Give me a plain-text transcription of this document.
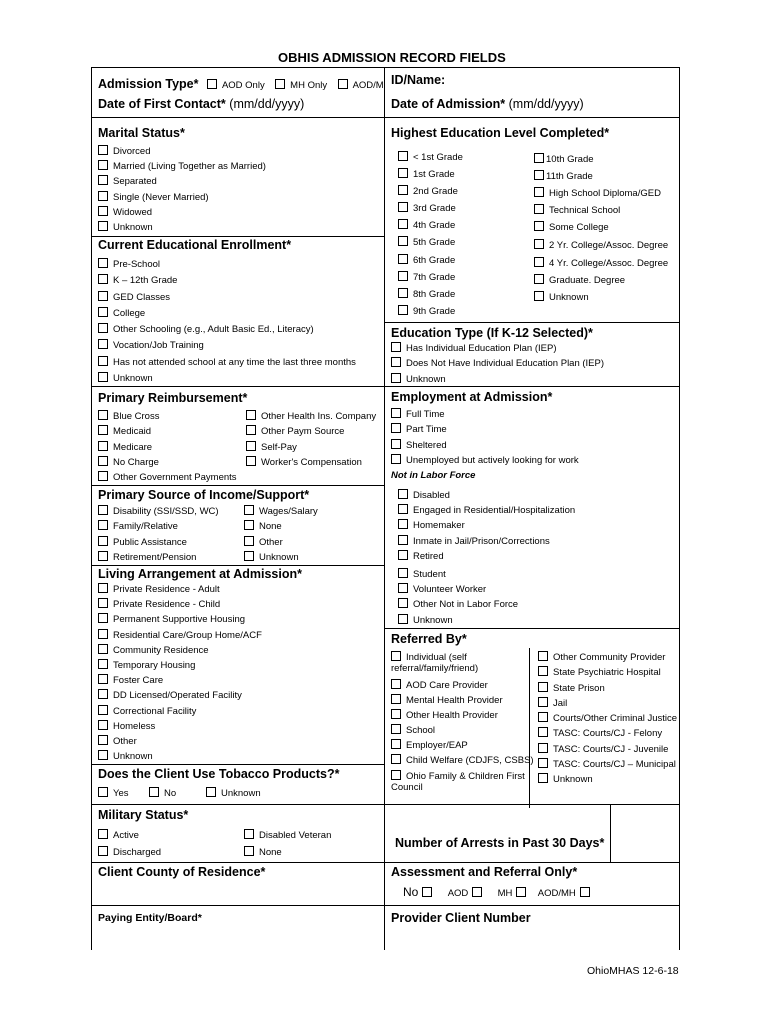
OBHIS ADMISSION RECORD FIELDS
Admission Type* AOD Only	MH Only	AOD/M ID/Name:
Date of First Contact* (mm/dd/yyyy)	Date of Admission* (mm/dd/yyyy)
Marital Status*
Divorced
Married (Living Together as Married)
Separated
Single (Never Married)
Widowed
Unknown
Current Educational Enrollment*
Pre-School
K – 12th Grade
GED Classes
College
Other Schooling (e.g., Adult Basic Ed., Literacy)
Vocation/Job Training
Has not attended school at any time the last three months
Unknown
Primary Reimbursement*
Blue Cross
Medicaid
Medicare
No Charge
Other Government Payments
Other Health Ins. Company
Other Paym Source
Self-Pay
Worker's Compensation
Primary Source of Income/Support*
Disability (SSI/SSD, WC)
Family/Relative
Public Assistance
Retirement/Pension
Wages/Salary
None
Other
Unknown
Living Arrangement at Admission*
Private Residence - Adult
Private Residence - Child
Permanent Supportive Housing
Residential Care/Group Home/ACF
Community Residence
Temporary Housing
Foster Care
DD Licensed/Operated Facility
Correctional Facility
Homeless
Other
Unknown
Does the Client Use Tobacco Products?*
Yes	No	Unknown
Military Status*
Active
Discharged
Disabled Veteran
None
Client County of Residence*
Paying Entity/Board*
Highest Education Level Completed*
< 1st Grade
1st Grade
2nd Grade
3rd Grade
4th Grade
5th Grade
6th Grade
7th Grade
8th Grade
9th Grade
10th Grade
11th Grade
High School Diploma/GED
Technical School
Some College
2 Yr. College/Assoc. Degree
4 Yr. College/Assoc. Degree
Graduate. Degree
Unknown
Education Type (If K-12 Selected)*
Has Individual Education Plan (IEP)
Does Not Have Individual Education Plan (IEP)
Unknown
Employment at Admission*
Full Time
Part Time
Sheltered
Unemployed but actively looking for work
Not in Labor Force
Disabled
Engaged in Residential/Hospitalization
Homemaker
Inmate in Jail/Prison/Corrections
Retired
Student
Volunteer Worker
Other Not in Labor Force
Unknown
Referred By*
Individual (self
referral/family/friend)
AOD Care Provider
Mental Health Provider
Other Health Provider
School
Employer/EAP
Child Welfare (CDJFS, CSBS)
Ohio Family & Children First
Council
Other Community Provider
State Psychiatric Hospital
State Prison
Jail
Courts/Other Criminal Justice
TASC: Courts/CJ - Felony
TASC: Courts/CJ - Juvenile
TASC: Courts/CJ – Municipal
Unknown
Number of Arrests in Past 30 Days*
Assessment and Referral Only*
No	AOD	MH	AOD/MH
Provider Client Number
OhioMHAS 12-6-18
